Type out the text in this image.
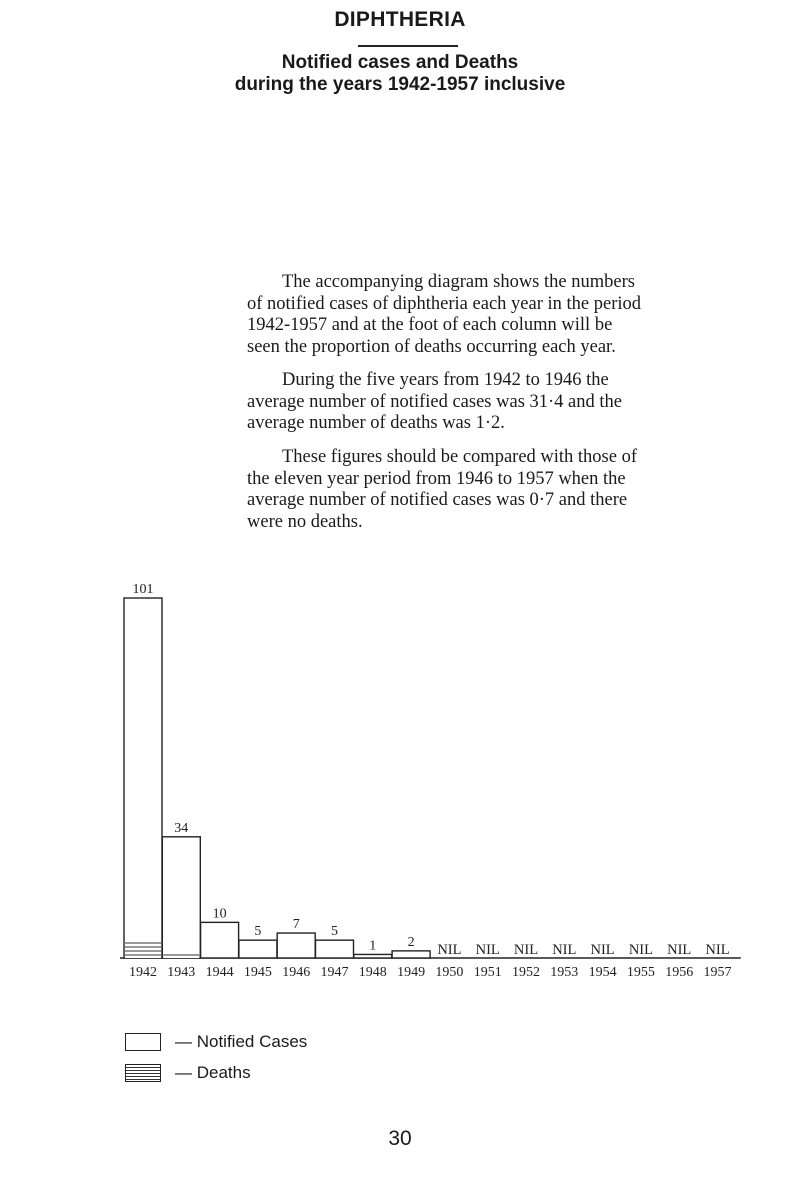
DIPHTHERIA
Notified cases and Deaths
during the years 1942-1957 inclusive

The accompanying diagram shows the numbers of notified cases of diphtheria each year in the period 1942-1957 and at the foot of each column will be seen the proportion of deaths occurring each year.

During the five years from 1942 to 1946 the average number of notified cases was 31·4 and the average number of deaths was 1·2.

These figures should be compared with those of the eleven year period from 1946 to 1957 when the average number of notified cases was 0·7 and there were no deaths.

101
1942
34
1943
10
1944
5
1945
7
1946
5
1947
1
1948
2
1949
NIL
1950
NIL
1951
NIL
1952
NIL
1953
NIL
1954
NIL
1955
NIL
1956
NIL
1957
— Notified Cases
— Deaths
30
